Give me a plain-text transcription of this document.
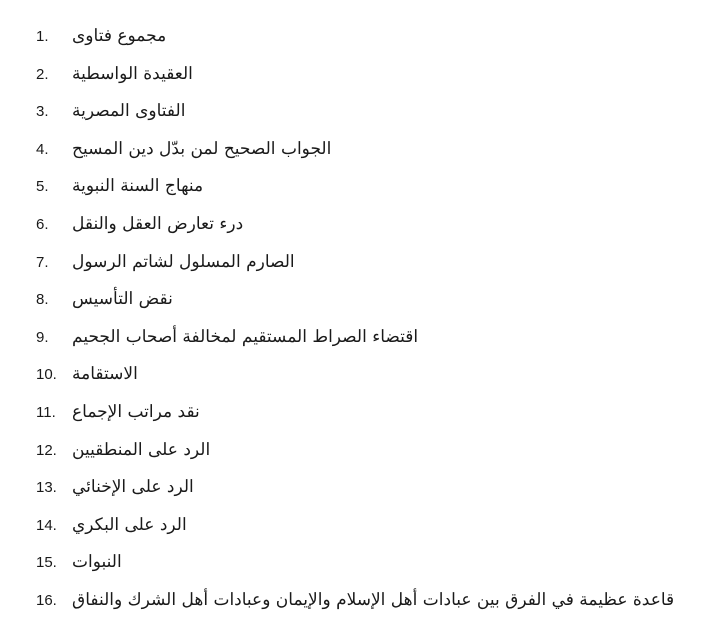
1. مجموع فتاوى
2. العقيدة الواسطية
3. الفتاوى المصرية
4. الجواب الصحيح لمن بدّل دين المسيح
5. منهاج السنة النبوية
6. درء تعارض العقل والنقل
7. الصارم المسلول لشاتم الرسول
8. نقض التأسيس
9. اقتضاء الصراط المستقيم لمخالفة أصحاب الجحيم
10. الاستقامة
11. نقد مراتب الإجماع
12. الرد على المنطقيين
13. الرد على الإخنائي
14. الرد على البكري
15. النبوات
16. قاعدة عظيمة في الفرق بين عبادات أهل الإسلام والإيمان وعبادات أهل الشرك والنفاق
